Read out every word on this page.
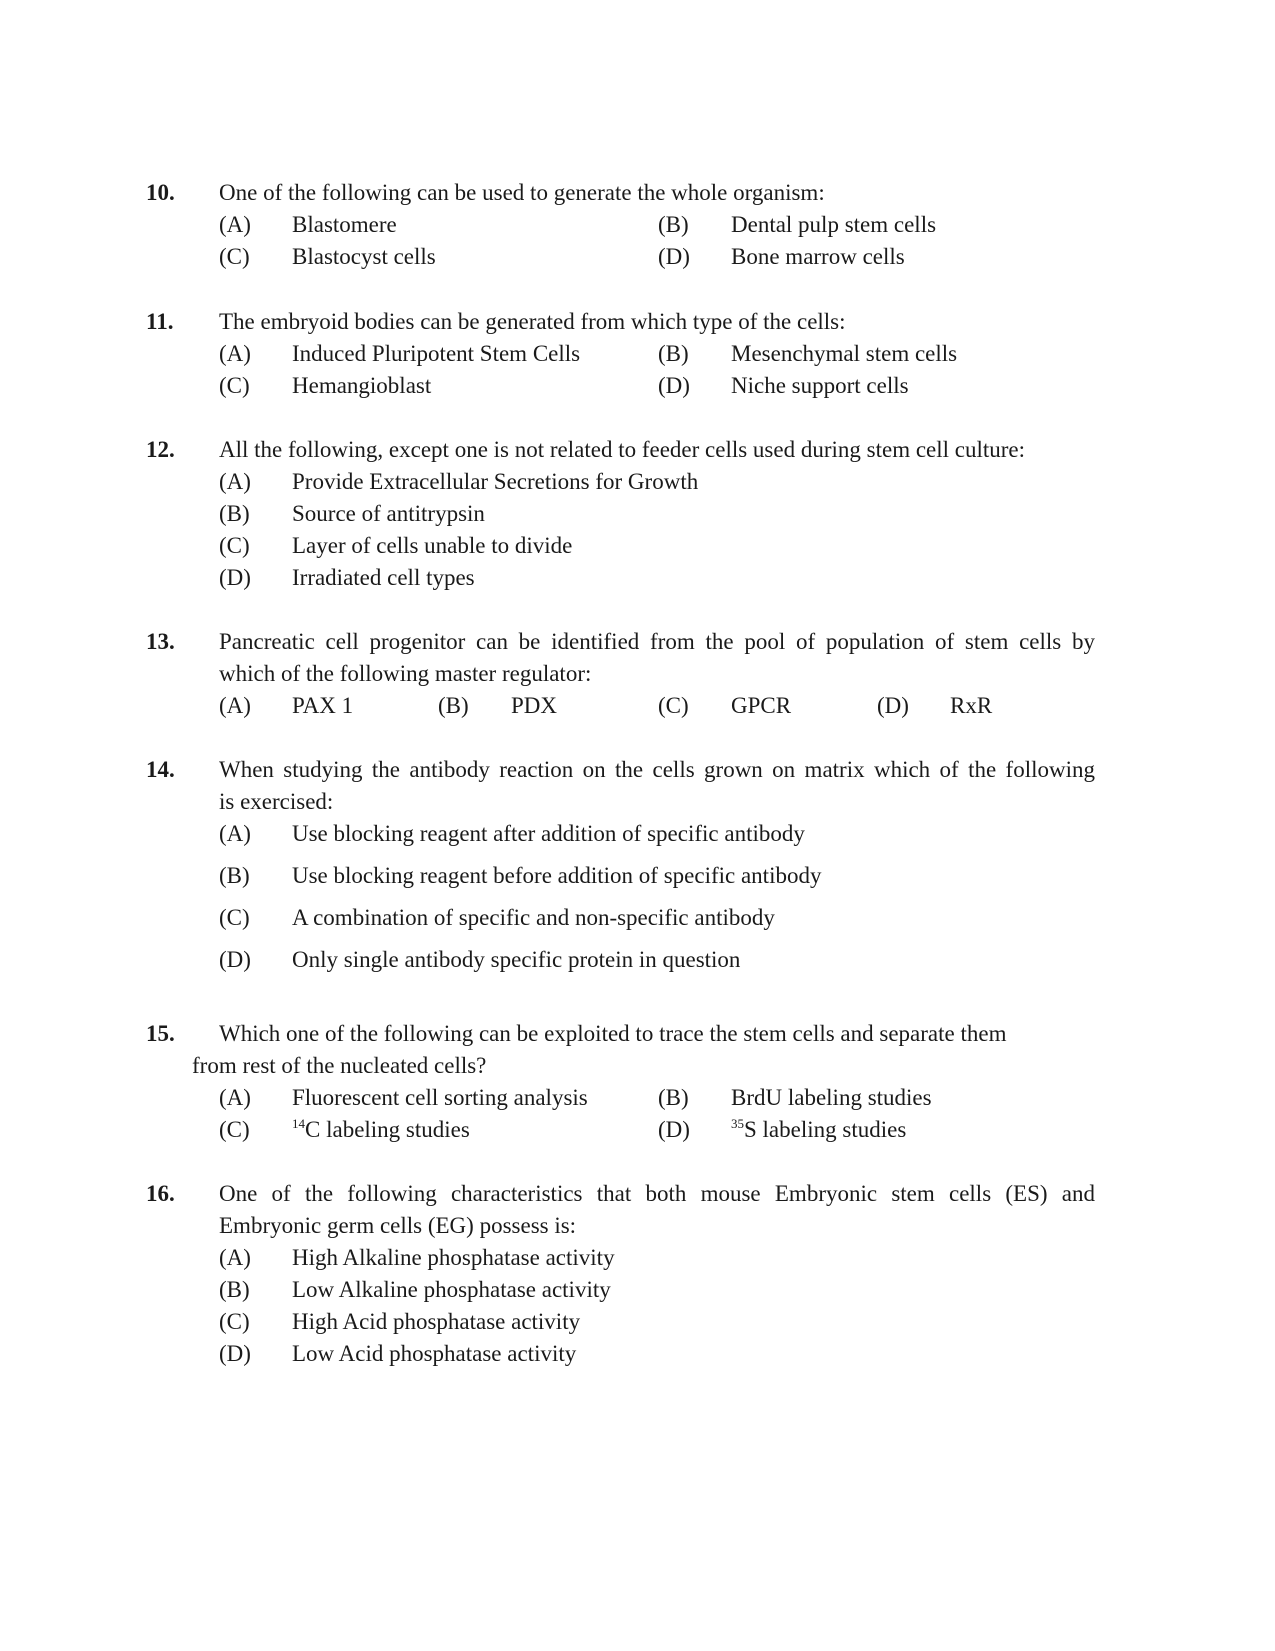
10. One of the following can be used to generate the whole organism:
(A) Blastomere	(B) Dental pulp stem cells
(C) Blastocyst cells	(D) Bone marrow cells
11. The embryoid bodies can be generated from which type of the cells:
(A) Induced Pluripotent Stem Cells	(B) Mesenchymal stem cells
(C) Hemangioblast	(D) Niche support cells
12. All the following, except one is not related to feeder cells used during stem cell culture:
(A) Provide Extracellular Secretions for Growth
(B) Source of antitrypsin
(C) Layer of cells unable to divide
(D) Irradiated cell types
13. Pancreatic cell progenitor can be identified from the pool of population of stem cells by
which of the following master regulator:
(A) PAX 1	(B) PDX	(C) GPCR	(D) RxR
14. When studying the antibody reaction on the cells grown on matrix which of the following
is exercised:
(A) Use blocking reagent after addition of specific antibody
(B) Use blocking reagent before addition of specific antibody
(C) A combination of specific and non-specific antibody
(D) Only single antibody specific protein in question
15. Which one of the following can be exploited to trace the stem cells and separate them
from rest of the nucleated cells?
(A) Fluorescent cell sorting analysis	(B) BrdU labeling studies
(C)	$^{14}$C labeling studies	(D)	$^{35}$S labeling studies
16. One of the following characteristics that both mouse Embryonic stem cells (ES) and
Embryonic germ cells (EG) possess is:
(A) High Alkaline phosphatase activity
(B) Low Alkaline phosphatase activity
(C) High Acid phosphatase activity
(D) Low Acid phosphatase activity
